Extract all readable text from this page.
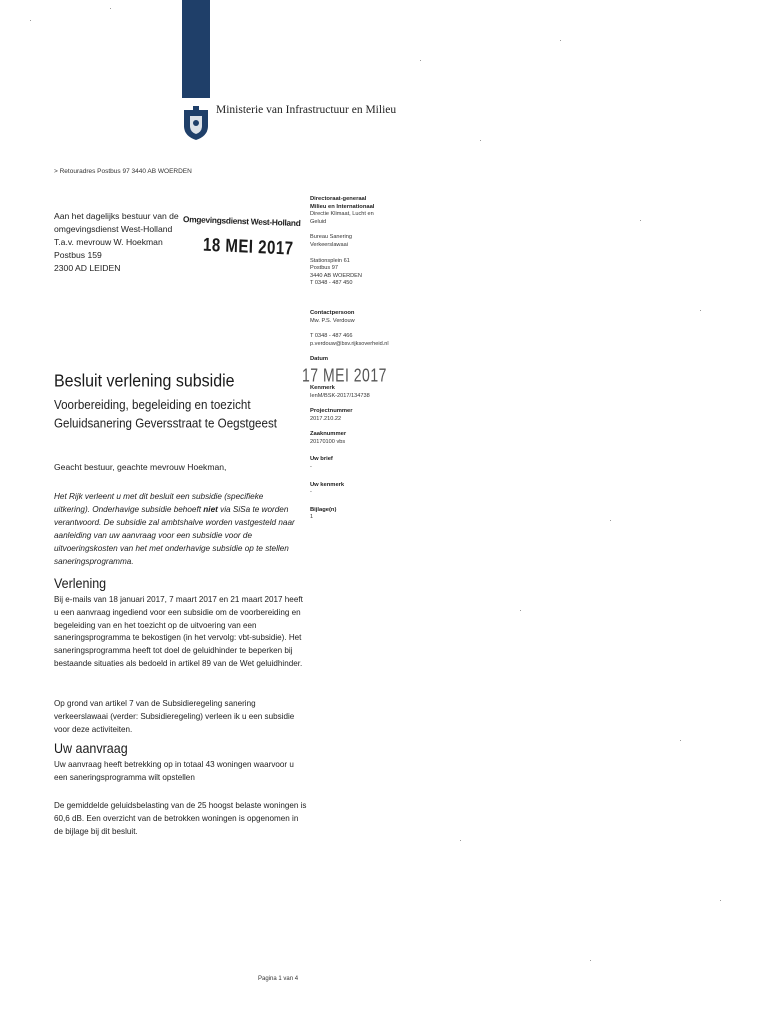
Ministerie van Infrastructuur en Milieu
> Retouradres Postbus 97 3440 AB WOERDEN
Aan het dagelijks bestuur van de
omgevingsdienst West-Holland
T.a.v. mevrouw W. Hoekman
Postbus 159
2300 AD LEIDEN
Omgevingsdienst West-Holland
18 MEI 2017
Directoraat-generaal
Milieu en Internationaal
Directie Klimaat, Lucht en
Geluid
Bureau Sanering
Verkeerslawaai
Stationsplein 61
Postbus 97
3440 AB WOERDEN
T 0348 - 487 450
Contactpersoon
Mw. P.S. Verdouw
T 0348 - 487 466
p.verdouw@bsv.rijksoverheid.nl
Datum
17 MEI 2017
Kenmerk
IenM/BSK-2017/134738
Projectnummer
2017.210.22
Zaaknummer
20170100 vbs
Uw brief
-
Uw kenmerk
-
Bijlage(n)
1
Besluit verlening subsidie
Voorbereiding, begeleiding en toezicht
Geluidsanering Geversstraat te Oegstgeest
Geacht bestuur, geachte mevrouw Hoekman,
Het Rijk verleent u met dit besluit een subsidie (specifieke uitkering). Onderhavige subsidie behoeft niet via SiSa te worden verantwoord. De subsidie zal ambtshalve worden vastgesteld naar aanleiding van uw aanvraag voor een subsidie voor de uitvoeringskosten van het met onderhavige subsidie op te stellen saneringsprogramma.
Verlening
Bij e-mails van 18 januari 2017, 7 maart 2017 en 21 maart 2017 heeft u een aanvraag ingediend voor een subsidie om de voorbereiding en begeleiding van en het toezicht op de uitvoering van een saneringsprogramma te bekostigen (in het vervolg: vbt-subsidie). Het saneringsprogramma heeft tot doel de geluidhinder te beperken bij bestaande situaties als bedoeld in artikel 89 van de Wet geluidhinder.
Op grond van artikel 7 van de Subsidieregeling sanering verkeerslawaai (verder: Subsidieregeling) verleen ik u een subsidie voor deze activiteiten.
Uw aanvraag
Uw aanvraag heeft betrekking op in totaal 43 woningen waarvoor u een saneringsprogramma wilt opstellen
De gemiddelde geluidsbelasting van de 25 hoogst belaste woningen is 60,6 dB. Een overzicht van de betrokken woningen is opgenomen in de bijlage bij dit besluit.
Pagina 1 van 4
